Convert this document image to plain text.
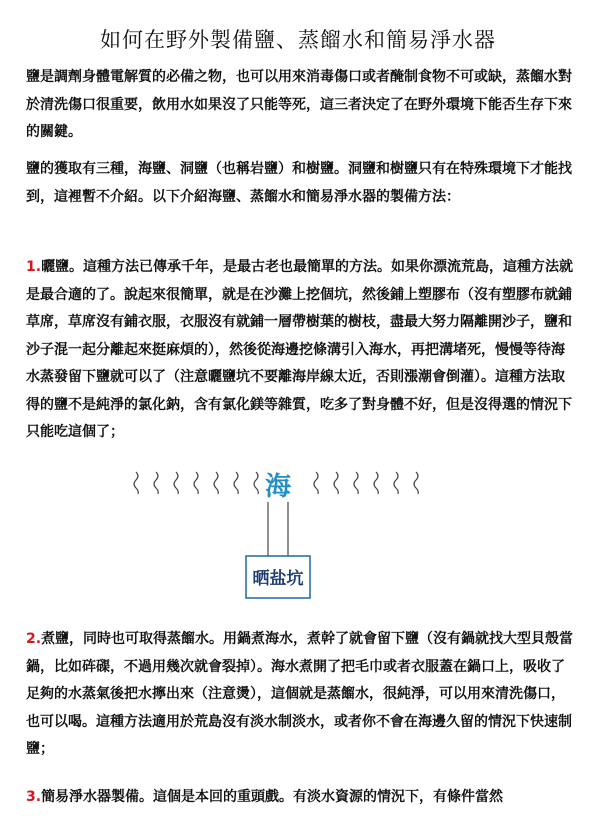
如何在野外製備鹽、蒸餾水和簡易淨水器

鹽是調劑身體電解質的必備之物，也可以用來消毒傷口或者醃制食物不可或缺，蒸餾水對於清洗傷口很重要，飲用水如果沒了只能等死，這三者決定了在野外環境下能否生存下來的關鍵。

鹽的獲取有三種，海鹽、洞鹽（也稱岩鹽）和樹鹽。洞鹽和樹鹽只有在特殊環境下才能找到，這裡暫不介紹。以下介紹海鹽、蒸餾水和簡易淨水器的製備方法：

1.曬鹽。這種方法已傳承千年，是最古老也最簡單的方法。如果你漂流荒島，這種方法就是最合適的了。說起來很簡單，就是在沙灘上挖個坑，然後鋪上塑膠布（沒有塑膠布就鋪草席，草席沒有鋪衣服，衣服沒有就鋪一層帶樹葉的樹枝，盡最大努力隔離開沙子，鹽和沙子混一起分離起來挺麻煩的），然後從海邊挖條溝引入海水，再把溝堵死，慢慢等待海水蒸發留下鹽就可以了（注意曬鹽坑不要離海岸線太近，否則漲潮會倒灌）。這種方法取得的鹽不是純淨的氯化鈉，含有氯化鎂等雜質，吃多了對身體不好，但是沒得選的情況下只能吃這個了；

海
晒盐坑

2.煮鹽，同時也可取得蒸餾水。用鍋煮海水，煮幹了就會留下鹽（沒有鍋就找大型貝殼當鍋，比如砗磲，不過用幾次就會裂掉）。海水煮開了把毛巾或者衣服蓋在鍋口上，吸收了足夠的水蒸氣後把水擰出來（注意燙），這個就是蒸餾水，很純淨，可以用來清洗傷口，也可以喝。這種方法適用於荒島沒有淡水制淡水，或者你不會在海邊久留的情況下快速制鹽；

3.簡易淨水器製備。這個是本回的重頭戲。有淡水資源的情況下，有條件當然
